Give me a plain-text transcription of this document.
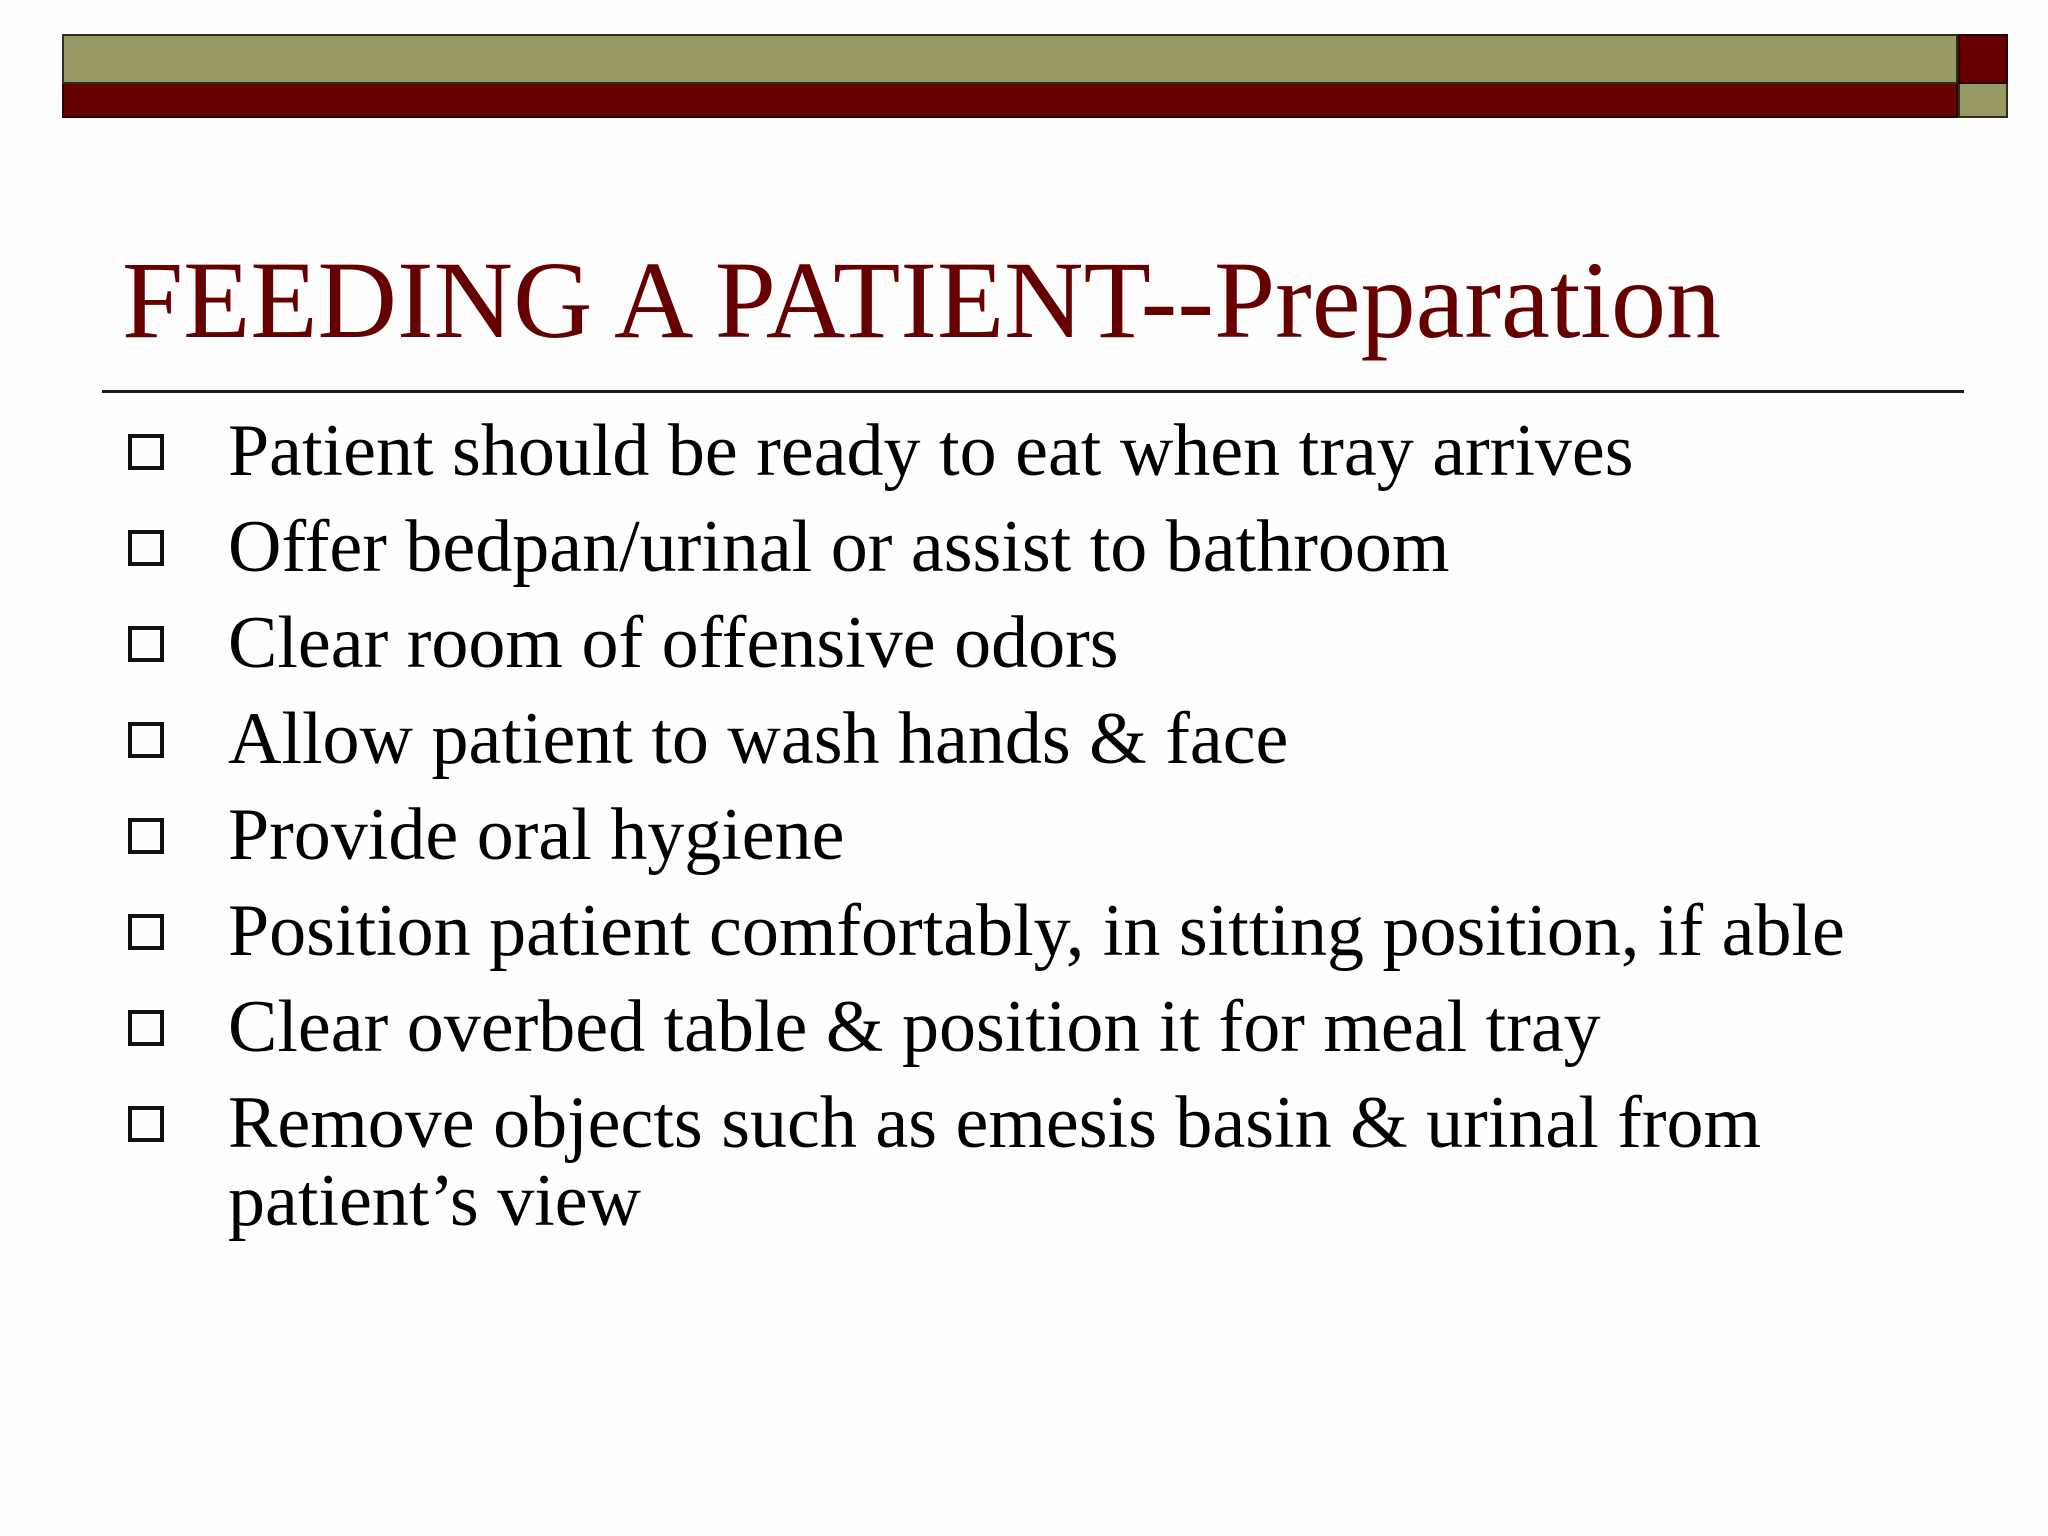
FEEDING A PATIENT--Preparation
Patient should be ready to eat when tray arrives
Offer bedpan/urinal or assist to bathroom
Clear room of offensive odors
Allow patient to wash hands & face
Provide oral hygiene
Position patient comfortably, in sitting position, if able
Clear overbed table & position it for meal tray
Remove objects such as emesis basin & urinal from patient’s view
